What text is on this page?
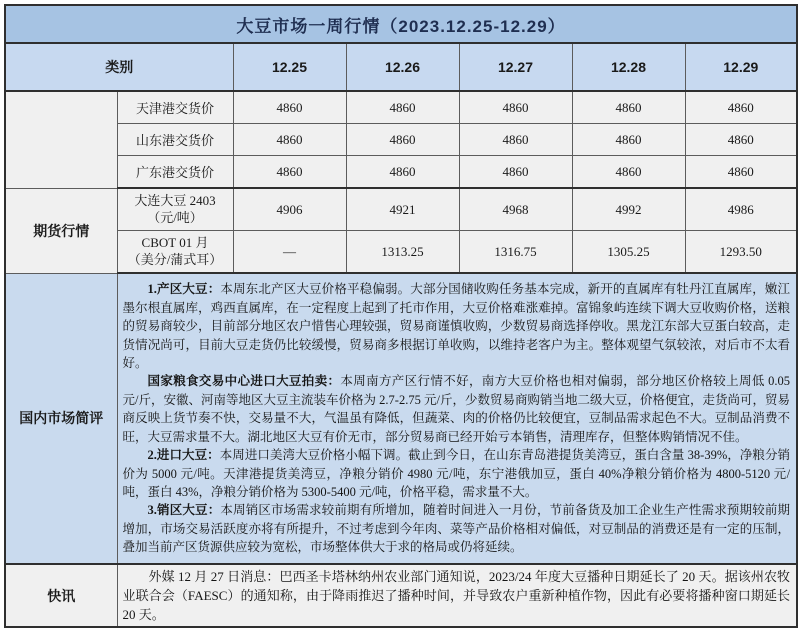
大豆市场一周行情（2023.12.25-12.29）						
类别		12.25	12.26	12.27	12.28	12.29
	天津港交货价	4860	4860	4860	4860	4860
	山东港交货价	4860	4860	4860	4860	4860
	广东港交货价	4860	4860	4860	4860	4860
期货行情	大连大豆 2403
（元/吨）	4906	4921	4968	4992	4986

	CBOT 01 月
（美分/蒲式耳）	—	1313.25	1316.75	1305.25	1293.50
国内市场简评	1.产区大豆：本周东北产区大豆价格平稳偏弱。大部分国储收购任务基本完成，新开的直属库有牡丹江直属库，嫩江墨尔根直属库，鸡西直属库，在一定程度上起到了托市作用，大豆价格难涨难掉。富锦象屿连续下调大豆收购价格，送粮的贸易商较少，目前部分地区农户惜售心理较强，贸易商谨慎收购，少数贸易商选择停收。黑龙江东部大豆蛋白较高，走货情况尚可，目前大豆走货仍比较缓慢，贸易商多根据订单收购，以维持老客户为主。整体观望气氛较浓，对后市不太看好。

国家粮食交易中心进口大豆拍卖：本周南方产区行情不好，南方大豆价格也相对偏弱，部分地区价格较上周低 0.05 元/斤，安徽、河南等地区大豆主流装车价格为 2.7-2.75 元/斤，少数贸易商购销当地二级大豆，价格便宜，走货尚可，贸易商反映上货节奏不快，交易量不大，气温虽有降低，但蔬菜、肉的价格仍比较便宜，豆制品需求起色不大。豆制品消费不旺，大豆需求量不大。湖北地区大豆有价无市，部分贸易商已经开始亏本销售，清理库存，但整体购销情况不佳。

2.进口大豆：本周进口美湾大豆价格小幅下调。截止到今日，在山东青岛港提货美湾豆，蛋白含量 38-39%，净粮分销价为 5000 元/吨。天津港提货美湾豆，净粮分销价 4980 元/吨，东宁港俄加豆，蛋白 40%净粮分销价格为 4800-5120 元/吨，蛋白 43%，净粮分销价格为 5300-5400 元/吨，价格平稳，需求量不大。

3.销区大豆：本周销区市场需求较前期有所增加，随着时间进入一月份，节前备货及加工企业生产性需求预期较前期增加，市场交易活跃度亦将有所提升，不过考虑到今年肉、菜等产品价格相对偏低，对豆制品的消费还是有一定的压制，叠加当前产区货源供应较为宽松，市场整体供大于求的格局或仍将延续。					

快讯	外媒 12 月 27 日消息：巴西圣卡塔林纳州农业部门通知说，2023/24 年度大豆播种日期延长了 20 天。据该州农牧业联合会（FAESC）的通知称，由于降雨推迟了播种时间，并导致农户重新种植作物，因此有必要将播种窗口期延长 20 天。					
